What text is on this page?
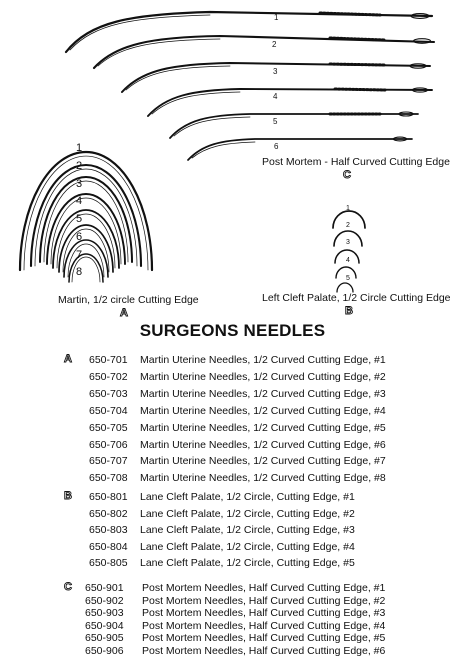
1
2
3
4
5
6
Post Mortem - Half Curved Cutting Edge
C
1
2
3
4
5
6
7
8
Martin, 1/2 circle Cutting Edge
A
1
2
3
4
5
Left Cleft Palate, 1/2 Circle Cutting Edge
B
SURGEONS NEEDLES
A 650-701 Martin Uterine Needles, 1/2 Curved Cutting Edge, #1
650-702 Martin Uterine Needles, 1/2 Curved Cutting Edge, #2
650-703 Martin Uterine Needles, 1/2 Curved Cutting Edge, #3
650-704 Martin Uterine Needles, 1/2 Curved Cutting Edge, #4
650-705 Martin Uterine Needles, 1/2 Curved Cutting Edge, #5
650-706 Martin Uterine Needles, 1/2 Curved Cutting Edge, #6
650-707 Martin Uterine Needles, 1/2 Curved Cutting Edge, #7
650-708 Martin Uterine Needles, 1/2 Curved Cutting Edge, #8
B 650-801 Lane Cleft Palate, 1/2 Circle, Cutting Edge, #1
650-802 Lane Cleft Palate, 1/2 Circle, Cutting Edge, #2
650-803 Lane Cleft Palate, 1/2 Circle, Cutting Edge, #3
650-804 Lane Cleft Palate, 1/2 Circle, Cutting Edge, #4
650-805 Lane Cleft Palate, 1/2 Circle, Cutting Edge, #5
C 650-901 Post Mortem Needles, Half Curved Cutting Edge, #1
650-902 Post Mortem Needles, Half Curved Cutting Edge, #2
650-903 Post Mortem Needles, Half Curved Cutting Edge, #3
650-904 Post Mortem Needles, Half Curved Cutting Edge, #4
650-905 Post Mortem Needles, Half Curved Cutting Edge, #5
650-906 Post Mortem Needles, Half Curved Cutting Edge, #6
